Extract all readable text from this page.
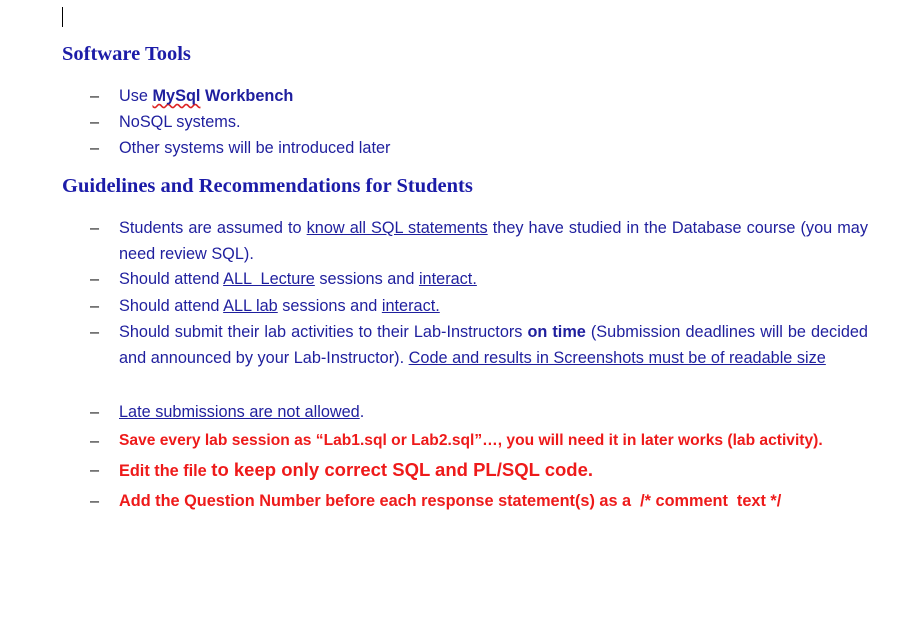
Software Tools
–	Use MySql Workbench
–	NoSQL systems.
–	Other systems will be introduced later
Guidelines and Recommendations for Students
–	Students are assumed to know all SQL statements they have studied in the Database course (you may need review SQL).
–	Should attend ALL  Lecture sessions and interact.
–	Should attend ALL lab sessions and interact.
–	Should submit their lab activities to their Lab-Instructors on time (Submission deadlines will be decided and announced by your Lab-Instructor). Code and results in Screenshots must be of readable size
–	Late submissions are not allowed.
–	Save every lab session as “Lab1.sql or Lab2.sql”…, you will need it in later works (lab activity).
–	Edit the file to keep only correct SQL and PL/SQL code.
–	Add the Question Number before each response statement(s) as a  /* comment  text */
